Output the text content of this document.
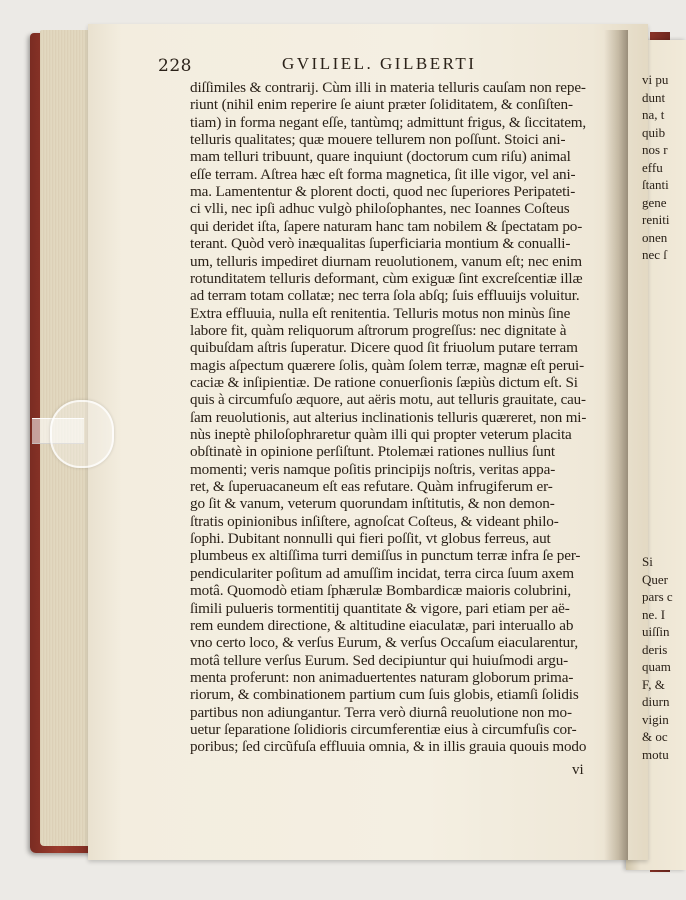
228	GVILIEL. GILBERTI
diſſimiles & contrarij. Cùm illi in materia telluris cauſam non repe-
riunt (nihil enim reperire ſe aiunt præter ſoliditatem, & conſiſten-
tiam) in forma negant eſſe, tantùmq; admittunt frigus, & ſiccitatem,
telluris qualitates; quæ mouere tellurem non poſſunt. Stoici ani-
mam telluri tribuunt, quare inquiunt (doctorum cum riſu) animal
eſſe terram. Aſtrea hæc eſt forma magnetica, ſit ille vigor, vel ani-
ma. Lamententur & plorent docti, quod nec ſuperiores Peripateti-
ci vlli, nec ipſi adhuc vulgò philoſophantes, nec Ioannes Coſteus
qui deridet iſta, ſapere naturam hanc tam nobilem & ſpectatam po-
terant. Quòd verò inæqualitas ſuperficiaria montium & conualli-
um, telluris impediret diurnam reuolutionem, vanum eſt; nec enim
rotunditatem telluris deformant, cùm exiguæ ſint excreſcentiæ illæ
ad terram totam collatæ; nec terra ſola abſq; ſuis effluuijs voluitur.
Extra effluuia, nulla eſt renitentia. Telluris motus non minùs ſine
labore fit, quàm reliquorum aſtrorum progreſſus: nec dignitate à
quibuſdam aſtris ſuperatur. Dicere quod ſit friuolum putare terram
magis aſpectum quærere ſolis, quàm ſolem terræ, magnæ eſt perui-
caciæ & inſipientiæ. De ratione conuerſionis ſæpiùs dictum eſt. Si
quis à circumfuſo æquore, aut aëris motu, aut telluris grauitate, cau-
ſam reuolutionis, aut alterius inclinationis telluris quæreret, non mi-
nùs ineptè philoſophraretur quàm illi qui propter veterum placita
obſtinatè in opinione perſiſtunt. Ptolemæi rationes nullius ſunt
momenti; veris namque poſitis principijs noſtris, veritas appa-
ret, & ſuperuacaneum eſt eas refutare. Quàm infrugiferum er-
go ſit & vanum, veterum quorundam inſtitutis, & non demon-
ſtratis opinionibus inſiſtere, agnoſcat Coſteus, & videant philo-
ſophi. Dubitant nonnulli qui fieri poſſit, vt globus ferreus, aut
plumbeus ex altiſſima turri demiſſus in punctum terræ infra ſe per-
pendiculariter poſitum ad amuſſim incidat, terra circa ſuum axem
motâ. Quomodò etiam ſphærulæ Bombardicæ maioris colubrini,
ſimili pulueris tormentitij quantitate & vigore, pari etiam per aë-
rem eundem directione, & altitudine eiaculatæ, pari interuallo ab
vno certo loco, & verſus Eurum, & verſus Occaſum eiacularentur,
motâ tellure verſus Eurum. Sed decipiuntur qui huiuſmodi argu-
menta proferunt: non animaduertentes naturam globorum prima-
riorum, & combinationem partium cum ſuis globis, etiamſi ſolidis
partibus non adiungantur. Terra verò diurnâ reuolutione non mo-
uetur ſeparatione ſolidioris circumferentiæ eius à circumfuſis cor-
poribus; ſed circũfuſa effluuia omnia, & in illis grauia quouis modo
vi
vi pu
dunt
na, t
quib
nos r
effu
ſtanti
gene
reniti
onen
nec ſ
Si
Quer
pars c
ne. I
uiſſin
deris
quam
F, &
diurn
vigin
& oc
motu
